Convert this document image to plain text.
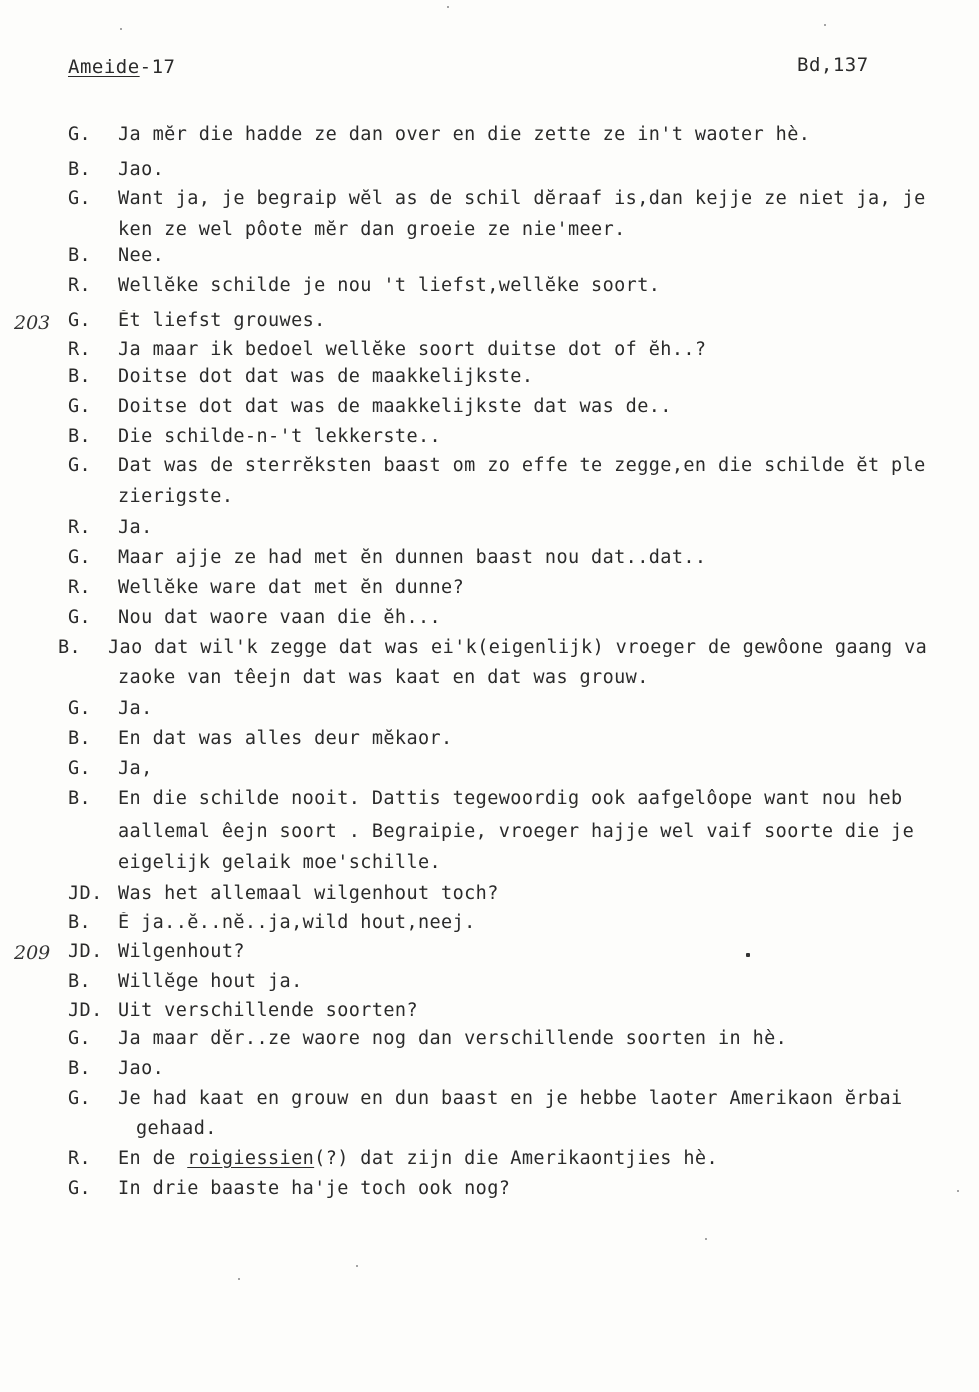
Ameide-17	Bd,137
203
209
G. Ja mĕr die hadde ze dan over en die zette ze in't waoter hè.
B. Jao.
G. Want ja, je begraip wĕl as de schil dĕraaf is,dan kejje ze niet ja, je
ken ze wel pôote mĕr dan groeie ze nie'meer.
B. Nee.
R. Wellĕke schilde je nou 't liefst,wellĕke soort.
G. Ĕt liefst grouwes.
R. Ja maar ik bedoel wellĕke soort duitse dot of ĕh..?
B. Doitse dot dat was de maakkelijkste.
G. Doitse dot dat was de maakkelijkste dat was de..
B. Die schilde-n-'t lekkerste..
G. Dat was de sterrĕksten baast om zo effe te zegge,en die schilde ĕt ple
zierigste.
R. Ja.
G. Maar ajje ze had met ĕn dunnen baast nou dat..dat..
R. Wellĕke ware dat met ĕn dunne?
G. Nou dat waore vaan die ĕh...
B. Jao dat wil'k zegge dat was ei'k(eigenlijk) vroeger de gewôone gaang va
zaoke van têejn dat was kaat en dat was grouw.
G. Ja.
B. En dat was alles deur mĕkaor.
G. Ja,
B. En die schilde nooit. Dattis tegewoordig ook aafgelôope want nou heb
aallemal êejn soort . Begraipie, vroeger hajje wel vaif soorte die je
eigelijk gelaik moe'schille.
JD. Was het allemaal wilgenhout toch?
B. Ĕ ja..ĕ..nĕ..ja,wild hout,neej.
JD. Wilgenhout?
B. Willĕge hout ja.
JD. Uit verschillende soorten?
G. Ja maar dĕr..ze waore nog dan verschillende soorten in hè.
B. Jao.
G. Je had kaat en grouw en dun baast en je hebbe laoter Amerikaon ĕrbai
gehaad.
R. En de roigiessien(?) dat zijn die Amerikaontjies hè.
G. In drie baaste ha'je toch ook nog?
